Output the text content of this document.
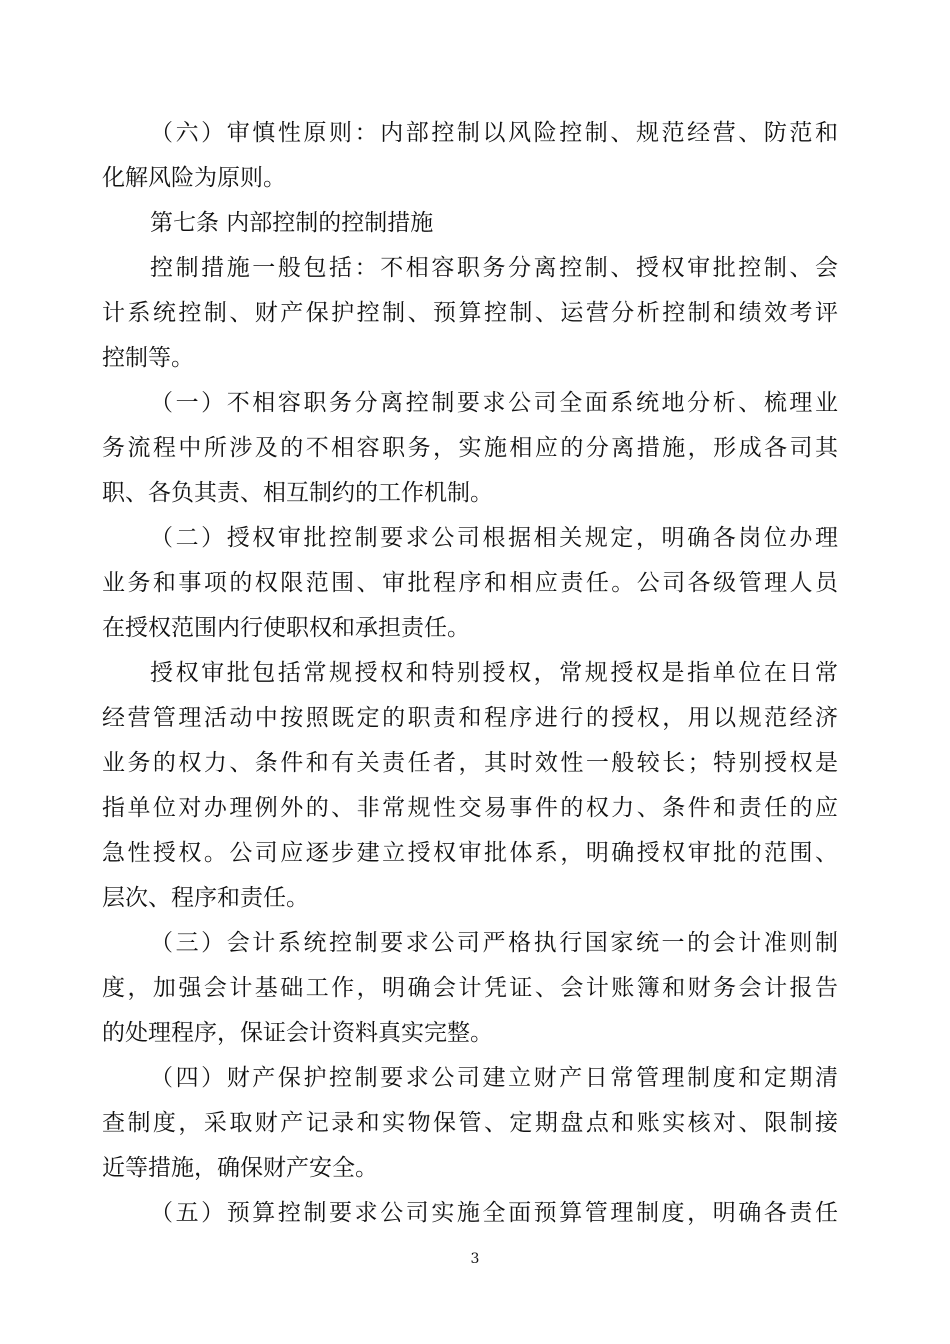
（六）审慎性原则：内部控制以风险控制、规范经营、防范和
化解风险为原则。
第七条 内部控制的控制措施
控制措施一般包括：不相容职务分离控制、授权审批控制、会
计系统控制、财产保护控制、预算控制、运营分析控制和绩效考评
控制等。
（一）不相容职务分离控制要求公司全面系统地分析、梳理业
务流程中所涉及的不相容职务，实施相应的分离措施，形成各司其
职、各负其责、相互制约的工作机制。
（二）授权审批控制要求公司根据相关规定，明确各岗位办理
业务和事项的权限范围、审批程序和相应责任。公司各级管理人员
在授权范围内行使职权和承担责任。
授权审批包括常规授权和特别授权，常规授权是指单位在日常
经营管理活动中按照既定的职责和程序进行的授权，用以规范经济
业务的权力、条件和有关责任者，其时效性一般较长；特别授权是
指单位对办理例外的、非常规性交易事件的权力、条件和责任的应
急性授权。公司应逐步建立授权审批体系，明确授权审批的范围、
层次、程序和责任。
（三）会计系统控制要求公司严格执行国家统一的会计准则制
度，加强会计基础工作，明确会计凭证、会计账簿和财务会计报告
的处理程序，保证会计资料真实完整。
（四）财产保护控制要求公司建立财产日常管理制度和定期清
查制度，采取财产记录和实物保管、定期盘点和账实核对、限制接
近等措施，确保财产安全。
（五）预算控制要求公司实施全面预算管理制度，明确各责任
3
